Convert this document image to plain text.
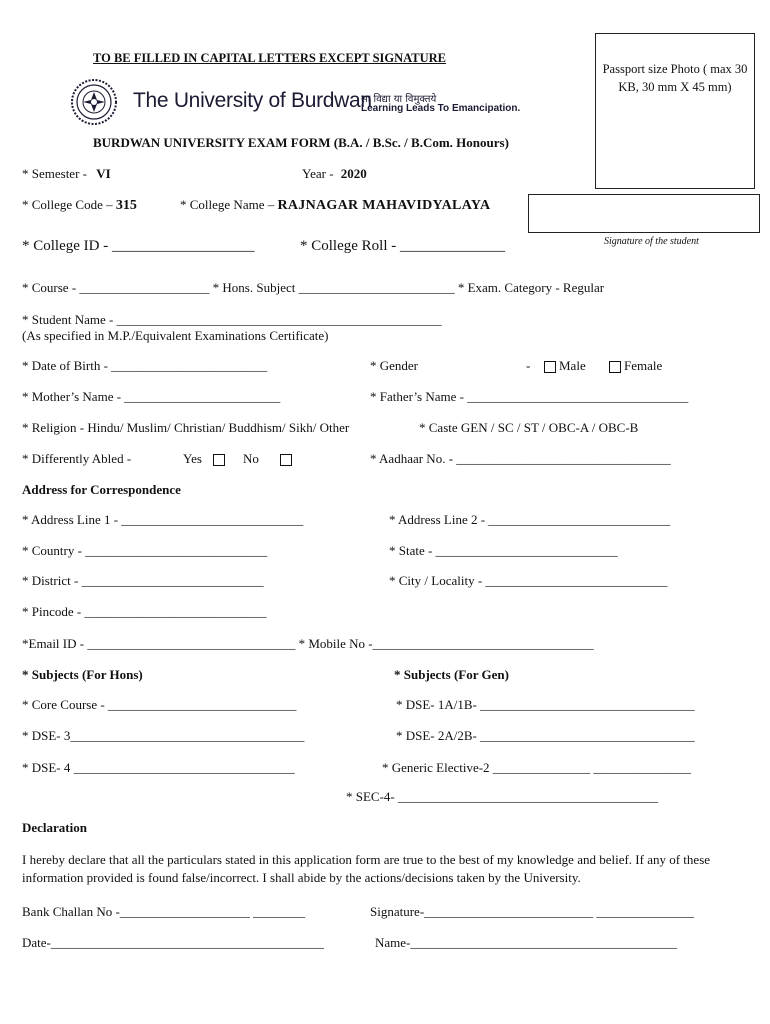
TO BE FILLED IN CAPITAL LETTERS EXCEPT SIGNATURE
The University of Burdwan
सा विद्या या विमुक्तये
Learning Leads To Emancipation.
BURDWAN UNIVERSITY EXAM FORM (B.A. / B.Sc. / B.Com. Honours)
Passport size Photo ( max 30 KB, 30 mm X 45 mm)
Signature of the student
* Semester - VI	Year - 2020
* College Code – 315	* College Name – RAJNAGAR MAHAVIDYALAYA
* College ID - ___________________	* College Roll - ______________
* Course - ____________________ * Hons. Subject ________________________ * Exam. Category - Regular
* Student Name - __________________________________________________
(As specified in M.P./Equivalent Examinations Certificate)
* Date of Birth - ________________________	* Gender	-	Male	Female
* Mother’s Name - ________________________	* Father’s Name - __________________________________
* Religion - Hindu/ Muslim/ Christian/ Buddhism/ Sikh/ Other	* Caste GEN / SC / ST / OBC-A / OBC-B
* Differently Abled -	Yes	No	* Aadhaar No. - _________________________________
Address for Correspondence
* Address Line 1 - ____________________________	* Address Line 2 - ____________________________
* Country - ____________________________	* State - ____________________________
* District - ____________________________	* City / Locality - ____________________________
* Pincode - ____________________________
*Email ID - ________________________________ * Mobile No -__________________________________
* Subjects (For Hons)	* Subjects (For Gen)
* Core Course - _____________________________	* DSE- 1A/1B- _________________________________
* DSE- 3____________________________________	* DSE- 2A/2B- _________________________________
* DSE- 4 __________________________________	* Generic Elective-2 _______________ _______________
* SEC-4- ________________________________________
Declaration
I hereby declare that all the particulars stated in this application form are true to the best of my knowledge and belief. If any of these information provided is found false/incorrect. I shall abide by the actions/decisions taken by the University.
Bank Challan No -____________________ ________	Signature-__________________________ _______________
Date-__________________________________________	Name-_________________________________________
